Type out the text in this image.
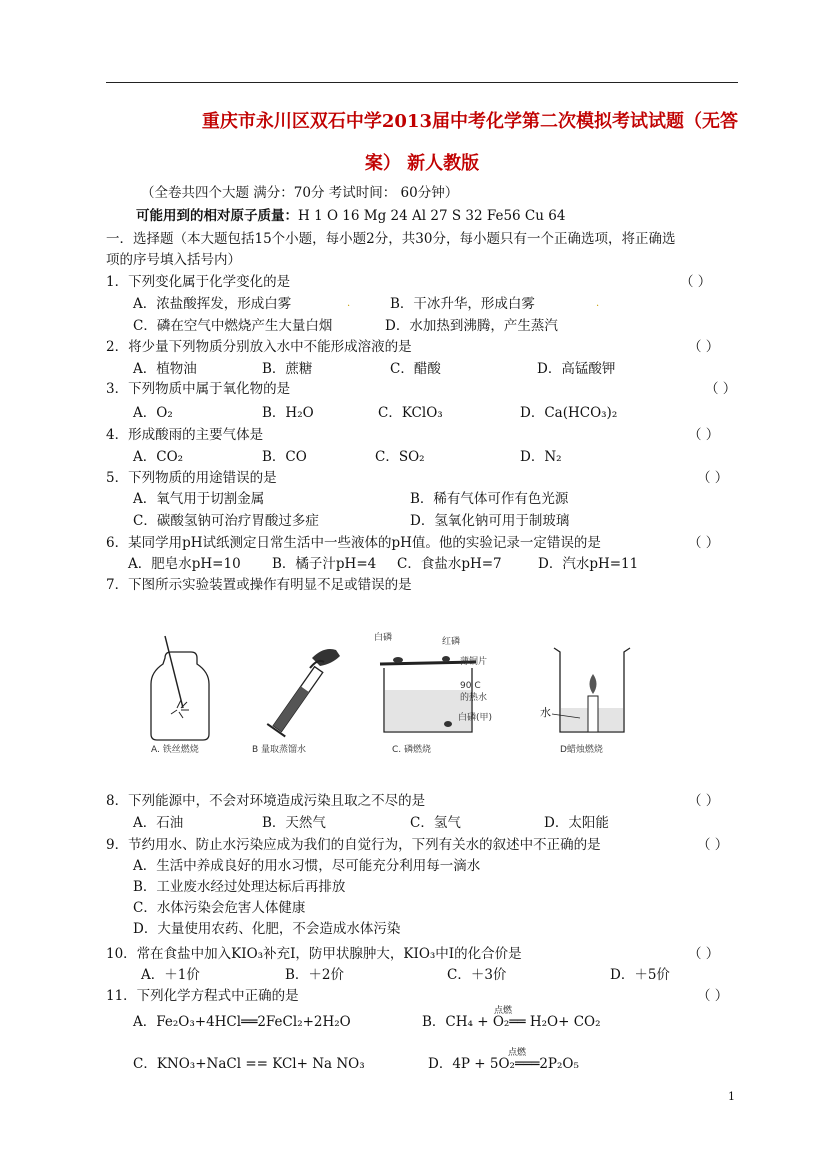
重庆市永川区双石中学2013届中考化学第二次模拟考试试题（无答
案） 新人教版
（全卷共四个大题 满分：70分 考试时间： 60分钟）
可能用到的相对原子质量：H 1 O 16 Mg 24 Al 27 S 32 Fe56 Cu 64
一．选择题（本大题包括15个小题，每小题2分，共30分，每小题只有一个正确选项，将正确选
项的序号填入括号内）
1．下列变化属于化学变化的是	（ ）
A．浓盐酸挥发，形成白雾	.	B．干冰升华，形成白雾	.
C．磷在空气中燃烧产生大量白烟	D．水加热到沸腾，产生蒸汽
2．将少量下列物质分别放入水中不能形成溶液的是	（ ）
A．植物油	B．蔗糖	C．醋酸	D．高锰酸钾
3．下列物质中属于氧化物的是	（ ）
A．O₂	B．H₂O	C．KClO₃	D．Ca(HCO₃)₂
4．形成酸雨的主要气体是	（ ）
A．CO₂	B．CO	C．SO₂	D．N₂
5．下列物质的用途错误的是	（ ）
A．氧气用于切割金属	B．稀有气体可作有色光源
C．碳酸氢钠可治疗胃酸过多症	D．氢氧化钠可用于制玻璃
6．某同学用pH试纸测定日常生活中一些液体的pH值。他的实验记录一定错误的是	（ ）
A．肥皂水pH=10 B．橘子汁pH=4 C．食盐水pH=7	D．汽水pH=11
7．下图所示实验装置或操作有明显不足或错误的是
A. 铁丝燃烧	B 量取蒸馏水
白磷	红磷
薄铜片
90 C
的热水
白磷(甲)
C. 磷燃烧
水
D蜡烛燃烧
8．下列能源中，不会对环境造成污染且取之不尽的是	（ ）
A．石油	B．天然气	C．氢气	D．太阳能
9．节约用水、防止水污染应成为我们的自觉行为，下列有关水的叙述中不正确的是	（ ）
A．生活中养成良好的用水习惯，尽可能充分利用每一滴水
B．工业废水经过处理达标后再排放
C．水体污染会危害人体健康
D．大量使用农药、化肥，不会造成水体污染
10．常在食盐中加入KIO₃补充I，防甲状腺肿大，KIO₃中I的化合价是	（ ）
A．＋1价	B．＋2价	C．＋3价	D．＋5价
11．下列化学方程式中正确的是	（ ）
A．Fe₂O₃+4HCl══2FeCl₂+2H₂O	B．CH₄ + O₂══ H₂O+ CO₂
点燃
C．KNO₃+NaCl == KCl+ Na NO₃	D．4P + 5O₂═══2P₂O₅
点燃
1
